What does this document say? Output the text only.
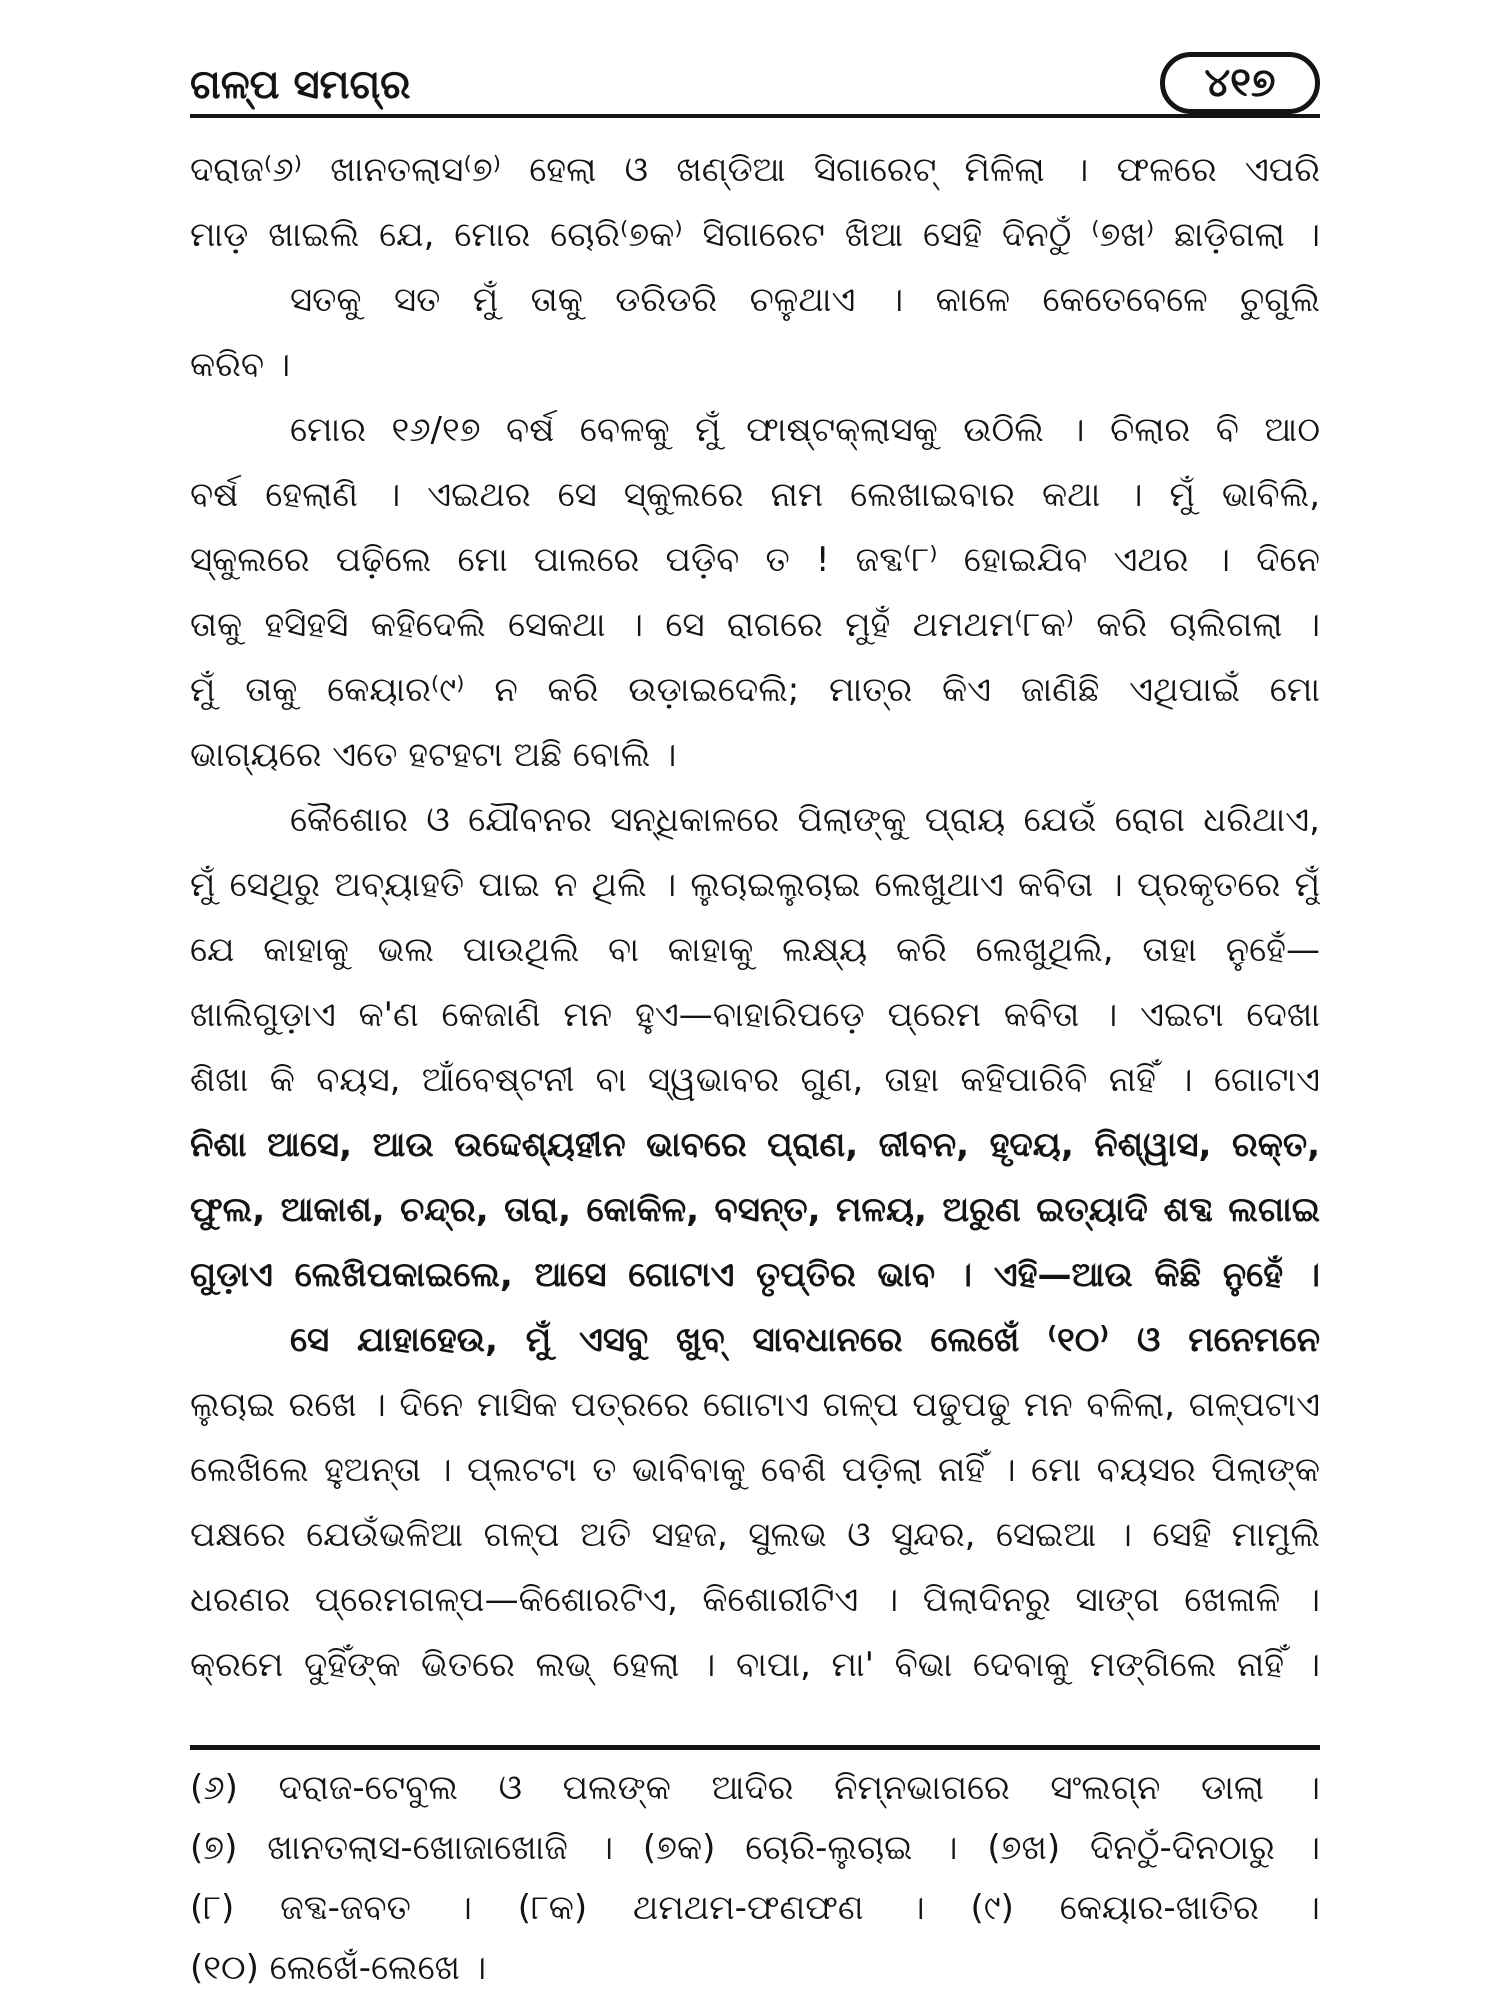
ଗଳ୍ପ ସମଗ୍ର	୪୧୭
ଦରାଜ⁽୬⁾ ଖାନତଲାସ⁽୭⁾ ହେଲା ଓ ଖଣ୍ଡିଆ ସିଗାରେଟ୍ ମିଳିଲା । ଫଳରେ ଏପରି
ମାଡ଼ ଖାଇଲି ଯେ, ମୋର ଚୋରି⁽୭କ⁾ ସିଗାରେଟ ଖିଆ ସେହି ଦିନଠୁଁ ⁽୭ଖ⁾ ଛାଡ଼ିଗଲା ।
ସତକୁ ସତ ମୁଁ ତାକୁ ଡରିଡରି ଚଳୁଥାଏ । କାଳେ କେତେବେଳେ ଚୁଗୁଲି
କରିବ ।
ମୋର ୧୬/୧୭ ବର୍ଷ ବେଳକୁ ମୁଁ ଫାଷ୍ଟକ୍ଲାସକୁ ଉଠିଲି । ଚିଲାର ବି ଆଠ
ବର୍ଷ ହେଲାଣି । ଏଇଥର ସେ ସ୍କୁଲରେ ନାମ ଲେଖାଇବାର କଥା । ମୁଁ ଭାବିଲି,
ସ୍କୁଲରେ ପଢ଼ିଲେ ମୋ ପାଲରେ ପଡ଼ିବ ତ ! ଜବ୍ଦ⁽୮⁾ ହୋଇଯିବ ଏଥର । ଦିନେ
ତାକୁ ହସିହସି କହିଦେଲି ସେକଥା । ସେ ରାଗରେ ମୁହଁ ଥମଥମ⁽୮କ⁾ କରି ଚାଲିଗଲା ।
ମୁଁ ତାକୁ କେୟାର⁽୯⁾ ନ କରି ଉଡ଼ାଇଦେଲି; ମାତ୍ର କିଏ ଜାଣିଛି ଏଥିପାଇଁ ମୋ
ଭାଗ୍ୟରେ ଏତେ ହଟହଟା ଅଛି ବୋଲି ।
କୈଶୋର ଓ ଯୌବନର ସନ୍ଧିକାଳରେ ପିଲାଙ୍କୁ ପ୍ରାୟ ଯେଉଁ ରୋଗ ଧରିଥାଏ,
ମୁଁ ସେଥିରୁ ଅବ୍ୟାହତି ପାଇ ନ ଥିଲି । ଲୁଚାଇଲୁଚାଇ ଲେଖୁଥାଏ କବିତା । ପ୍ରକୃତରେ ମୁଁ
ଯେ କାହାକୁ ଭଲ ପାଉଥିଲି ବା କାହାକୁ ଲକ୍ଷ୍ୟ କରି ଲେଖୁଥିଲି, ତାହା ନୁହେଁ—
ଖାଲିଗୁଡ଼ାଏ କ'ଣ କେଜାଣି ମନ ହୁଏ—ବାହାରିପଡ଼େ ପ୍ରେମ କବିତା । ଏଇଟା ଦେଖା
ଶିଖା କି ବୟସ, ଆଁବେଷ୍ଟନୀ ବା ସ୍ୱଭାବର ଗୁଣ, ତାହା କହିପାରିବି ନାହିଁ । ଗୋଟାଏ
ନିଶା ଆସେ, ଆଉ ଉଦ୍ଦେଶ୍ୟହୀନ ଭାବରେ ପ୍ରାଣ, ଜୀବନ, ହୃଦୟ, ନିଶ୍ୱାସ, ରକ୍ତ,
ଫୁଲ, ଆକାଶ, ଚନ୍ଦ୍ର, ତାରା, କୋକିଳ, ବସନ୍ତ, ମଳୟ, ଅରୁଣ ଇତ୍ୟାଦି ଶବ୍ଦ ଲଗାଇ
ଗୁଡ଼ାଏ ଲେଖିପକାଇଲେ, ଆସେ ଗୋଟାଏ ତୃପ୍ତିର ଭାବ । ଏହି—ଆଉ କିଛି ନୁହେଁ ।
ସେ ଯାହାହେଉ, ମୁଁ ଏସବୁ ଖୁବ୍ ସାବଧାନରେ ଲେଖେଁ ⁽୧୦⁾ ଓ ମନେମନେ
ଲୁଚାଇ ରଖେ । ଦିନେ ମାସିକ ପତ୍ରରେ ଗୋଟାଏ ଗଳ୍ପ ପଢୁପଢୁ ମନ ବଳିଲା, ଗଳ୍ପଟାଏ
ଲେଖିଲେ ହୁଅନ୍ତା । ପ୍ଲଟଟା ତ ଭାବିବାକୁ ବେଶି ପଡ଼ିଲା ନାହିଁ । ମୋ ବୟସର ପିଲାଙ୍କ
ପକ୍ଷରେ ଯେଉଁଭଳିଆ ଗଳ୍ପ ଅତି ସହଜ, ସୁଲଭ ଓ ସୁନ୍ଦର, ସେଇଆ । ସେହି ମାମୁଲି
ଧରଣର ପ୍ରେମଗଳ୍ପ—କିଶୋରଟିଏ, କିଶୋରୀଟିଏ । ପିଲାଦିନରୁ ସାଙ୍ଗ ଖେଳାଳି ।
କ୍ରମେ ଦୁହିଁଙ୍କ ଭିତରେ ଲଭ୍ ହେଲା । ବାପା, ମା' ବିଭା ଦେବାକୁ ମଙ୍ଗିଲେ ନାହିଁ ।
(୬) ଦରାଜ-ଟେବୁଲ ଓ ପଲଙ୍କ ଆଦିର ନିମ୍ନଭାଗରେ ସଂଲଗ୍ନ ଡାଲା ।
(୭) ଖାନତଲାସ-ଖୋଜାଖୋଜି । (୭କ) ଚୋରି-ଲୁଚାଇ । (୭ଖ) ଦିନଠୁଁ-ଦିନଠାରୁ ।
(୮) ଜବ୍ଦ-ଜବତ । (୮କ) ଥମଥମ-ଫଣଫଣ । (୯) କେୟାର-ଖାତିର ।
(୧୦) ଲେଖେଁ-ଲେଖେ ।
